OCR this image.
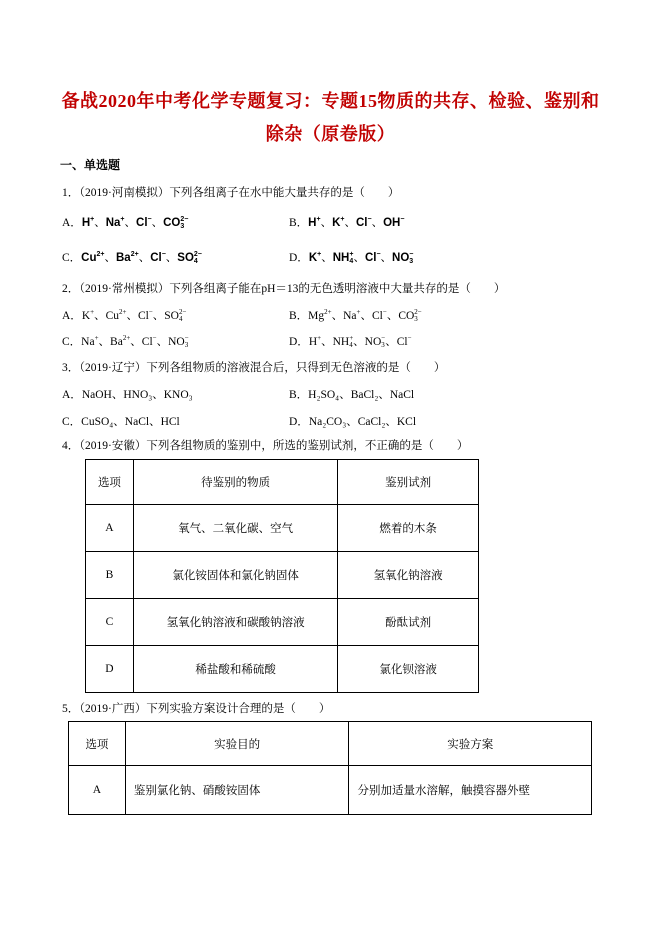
备战2020年中考化学专题复习：专题15物质的共存、检验、鉴别和
除杂（原卷版）
一、单选题
1．（2019·河南模拟）下列各组离子在水中能大量共存的是（　　）
A．H +
、Na +
、Cl −
、CO 2−
3	B．H +
、K +
、Cl −
、OH −

C．Cu 2+
、Ba 2+
、Cl −
、SO 2−
4	D．K +
、NH +
4 、Cl −
、NO −
3
2．（2019·常州模拟）下列各组离子能在pH＝13的无色透明溶液中大量共存的是（　　）
A．K +
、Cu 2+
、Cl −
、SO 2−
4	B．Mg 2+
、Na +
、Cl −
、CO 2−
3
C．Na +
、Ba 2+
、Cl −
、NO −
3	D．H +
、NH +
4 、NO −
3 、Cl −

3．（2019·辽宁）下列各组物质的溶液混合后，只得到无色溶液的是（　　）
A．NaOH、HNO₃、KNO₃	B．H₂SO₄、BaCl₂、NaCl
C．CuSO₄、NaCl、HCl	D．Na₂CO₃、CaCl₂、KCl
4．（2019·安徽）下列各组物质的鉴别中，所选的鉴别试剂，不正确的是（　　）
选项	待鉴别的物质	鉴别试剂
A	氧气、二氧化碳、空气	燃着的木条
B	氯化铵固体和氯化钠固体	氢氧化钠溶液
C	氢氧化钠溶液和碳酸钠溶液	酚酞试剂
D	稀盐酸和稀硫酸	氯化钡溶液
5．（2019·广西）下列实验方案设计合理的是（　　）
选项	实验目的	实验方案
A	鉴别氯化钠、硝酸铵固体	分别加适量水溶解，触摸容器外壁
